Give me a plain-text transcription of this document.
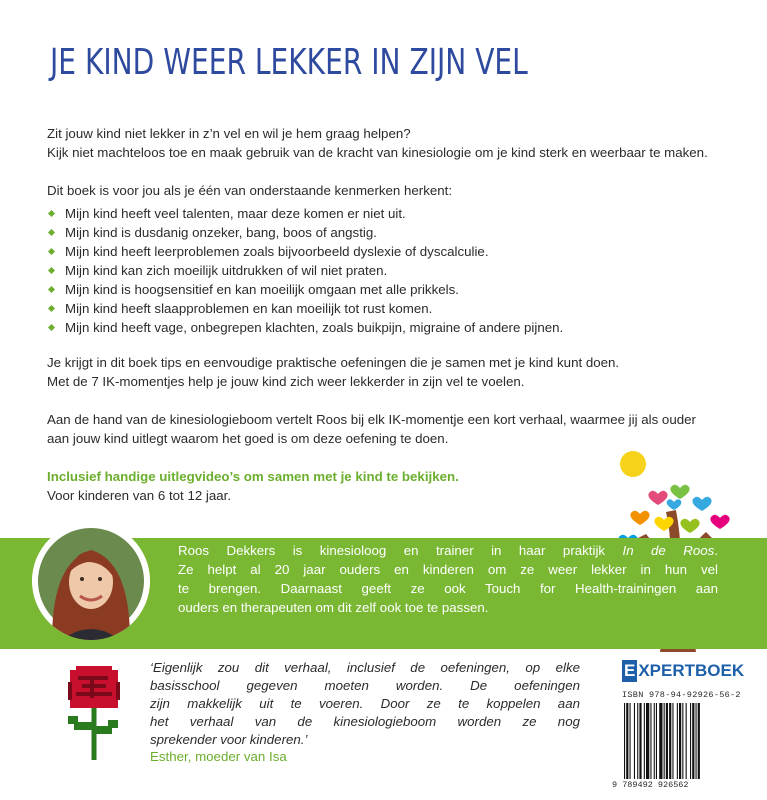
JE KIND WEER LEKKER IN ZIJN VEL

Zit jouw kind niet lekker in z’n vel en wil je hem graag helpen?

Kijk niet machteloos toe en maak gebruik van de kracht van kinesiologie om je kind sterk en weerbaar te maken.

Dit boek is voor jou als je één van onderstaande kenmerken herkent:

Mijn kind heeft veel talenten, maar deze komen er niet uit.
Mijn kind is dusdanig onzeker, bang, boos of angstig.
Mijn kind heeft leerproblemen zoals bijvoorbeeld dyslexie of dyscalculie.
Mijn kind kan zich moeilijk uitdrukken of wil niet praten.
Mijn kind is hoogsensitief en kan moeilijk omgaan met alle prikkels.
Mijn kind heeft slaapproblemen en kan moeilijk tot rust komen.
Mijn kind heeft vage, onbegrepen klachten, zoals buikpijn, migraine of andere pijnen.

Je krijgt in dit boek tips en eenvoudige praktische oefeningen die je samen met je kind kunt doen.

Met de 7 IK-momentjes help je jouw kind zich weer lekkerder in zijn vel te voelen.

Aan de hand van de kinesiologieboom vertelt Roos bij elk IK-momentje een kort verhaal, waarmee jij als ouder

aan jouw kind uitlegt waarom het goed is om deze oefening te doen.

Inclusief handige uitlegvideo’s om samen met je kind te bekijken.

Voor kinderen van 6 tot 12 jaar.

Roos Dekkers is kinesioloog en trainer in haar praktijk In de Roos.
Ze helpt al 20 jaar ouders en kinderen om ze weer lekker in hun vel
te brengen. Daarnaast geeft ze ook Touch for Health-trainingen aan
ouders en therapeuten om dit zelf ook toe te passen.
‘Eigenlijk zou dit verhaal, inclusief de oefeningen, op elke
basisschool gegeven moeten worden. De oefeningen
zijn makkelijk uit te voeren. Door ze te koppelen aan
het verhaal van de kinesiologieboom worden ze nog
sprekender voor kinderen.’
Esther, moeder van Isa
E XPERTBOEK
ISBN 978-94-92926-56-2
9 789492 926562
